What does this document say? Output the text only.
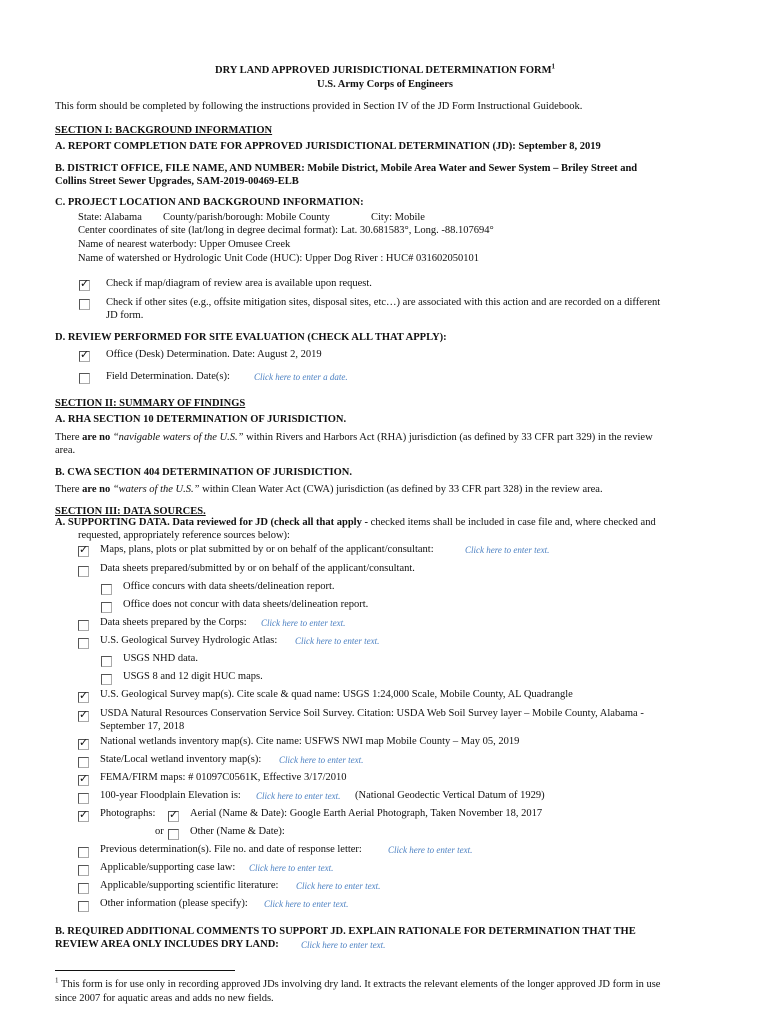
DRY LAND APPROVED JURISDICTIONAL DETERMINATION FORM$^1$
U.S. Army Corps of Engineers
This form should be completed by following the instructions provided in Section IV of the JD Form Instructional Guidebook.
SECTION I: BACKGROUND INFORMATION
A. REPORT COMPLETION DATE FOR APPROVED JURISDICTIONAL DETERMINATION (JD): September 8, 2019
B. DISTRICT OFFICE, FILE NAME, AND NUMBER: Mobile District, Mobile Area Water and Sewer System – Briley Street and
Collins Street Sewer Upgrades, SAM-2019-00469-ELB
C. PROJECT LOCATION AND BACKGROUND INFORMATION:
State: Alabama County/parish/borough: Mobile County	City: Mobile
Center coordinates of site (lat/long in degree decimal format): Lat. 30.681583°, Long. -88.107694°
Name of nearest waterbody: Upper Omusee Creek
Name of watershed or Hydrologic Unit Code (HUC): Upper Dog River : HUC# 031602050101
✓ Check if map/diagram of review area is available upon request.
Check if other sites (e.g., offsite mitigation sites, disposal sites, etc…) are associated with this action and are recorded on a different
JD form.
D. REVIEW PERFORMED FOR SITE EVALUATION (CHECK ALL THAT APPLY):
✓ Office (Desk) Determination. Date: August 2, 2019
Field Determination. Date(s):	Click here to enter a date.
SECTION II: SUMMARY OF FINDINGS
A. RHA SECTION 10 DETERMINATION OF JURISDICTION.
There are no “navigable waters of the U.S.” within Rivers and Harbors Act (RHA) jurisdiction (as defined by 33 CFR part 329) in the review
area.
B. CWA SECTION 404 DETERMINATION OF JURISDICTION.
There are no “waters of the U.S.” within Clean Water Act (CWA) jurisdiction (as defined by 33 CFR part 328) in the review area.
SECTION III: DATA SOURCES.
A. SUPPORTING DATA. Data reviewed for JD (check all that apply - checked items shall be included in case file and, where checked and
requested, appropriately reference sources below):
✓ Maps, plans, plots or plat submitted by or on behalf of the applicant/consultant:	Click here to enter text.
Data sheets prepared/submitted by or on behalf of the applicant/consultant.
Office concurs with data sheets/delineation report.
Office does not concur with data sheets/delineation report.
Data sheets prepared by the Corps: Click here to enter text.
U.S. Geological Survey Hydrologic Atlas: Click here to enter text.
USGS NHD data.
USGS 8 and 12 digit HUC maps.
✓ U.S. Geological Survey map(s). Cite scale & quad name: USGS 1:24,000 Scale, Mobile County, AL Quadrangle
✓ USDA Natural Resources Conservation Service Soil Survey. Citation: USDA Web Soil Survey layer – Mobile County, Alabama -
September 17, 2018
✓ National wetlands inventory map(s). Cite name: USFWS NWI map Mobile County – May 05, 2019
State/Local wetland inventory map(s): Click here to enter text.
✓ FEMA/FIRM maps: # 01097C0561K, Effective 3/17/2010
100-year Floodplain Elevation is: Click here to enter text. (National Geodectic Vertical Datum of 1929)
✓ Photographs: ✓ Aerial (Name & Date): Google Earth Aerial Photograph, Taken November 18, 2017
or	Other (Name & Date):
Previous determination(s). File no. and date of response letter:	Click here to enter text.
Applicable/supporting case law: Click here to enter text.
Applicable/supporting scientific literature: Click here to enter text.
Other information (please specify): Click here to enter text.
B. REQUIRED ADDITIONAL COMMENTS TO SUPPORT JD. EXPLAIN RATIONALE FOR DETERMINATION THAT THE
REVIEW AREA ONLY INCLUDES DRY LAND: Click here to enter text.
$^1$ This form is for use only in recording approved JDs involving dry land. It extracts the relevant elements of the longer approved JD form in use
since 2007 for aquatic areas and adds no new fields.
